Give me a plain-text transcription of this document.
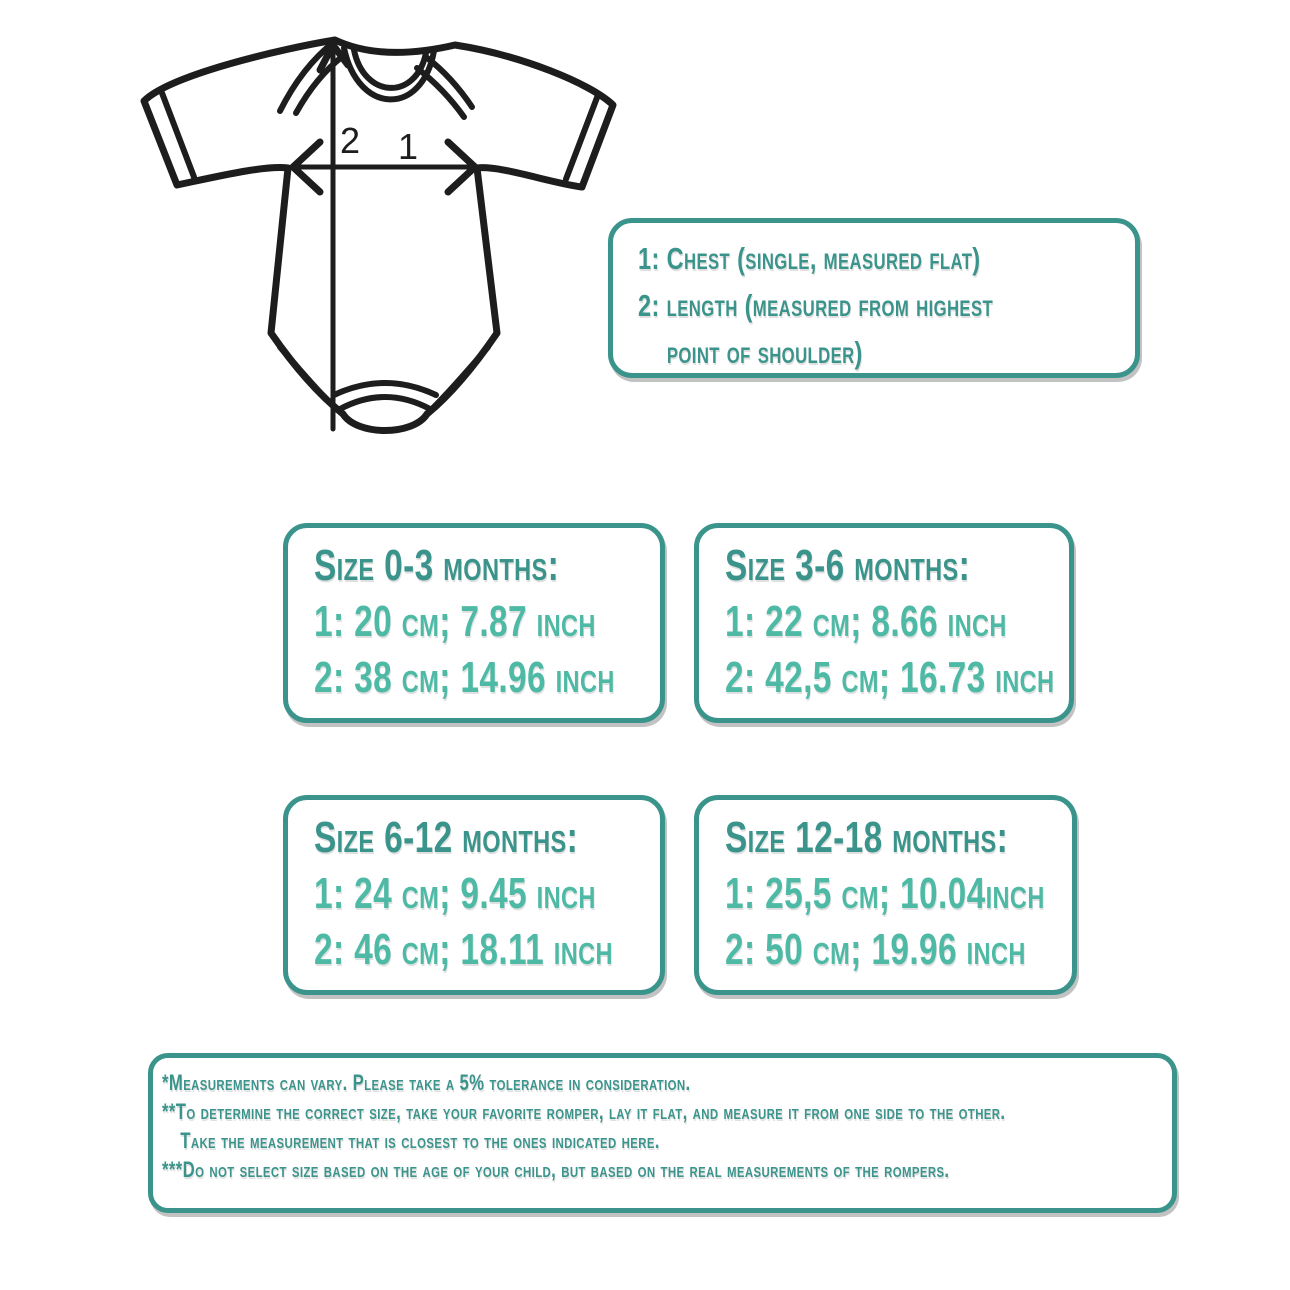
2 1
1: Chest (single, measured flat)
2: length (measured from highest
point of shoulder)
Size 0-3 months:
1: 20 cm; 7.87 inch
2: 38 cm; 14.96 inch
Size 3-6 months:
1: 22 cm; 8.66 inch
2: 42,5 cm; 16.73 inch
Size 6-12 months:
1: 24 cm; 9.45 inch
2: 46 cm; 18.11 inch
Size 12-18 months:
1: 25,5 cm; 10.04inch
2: 50 cm; 19.96 inch
*Measurements can vary. Please take a 5% tolerance in consideration.
**To determine the correct size, take your favorite romper, lay it flat, and measure it from one side to the other.
Take the measurement that is closest to the ones indicated here.
***Do not select size based on the age of your child, but based on the real measurements of the rompers.
